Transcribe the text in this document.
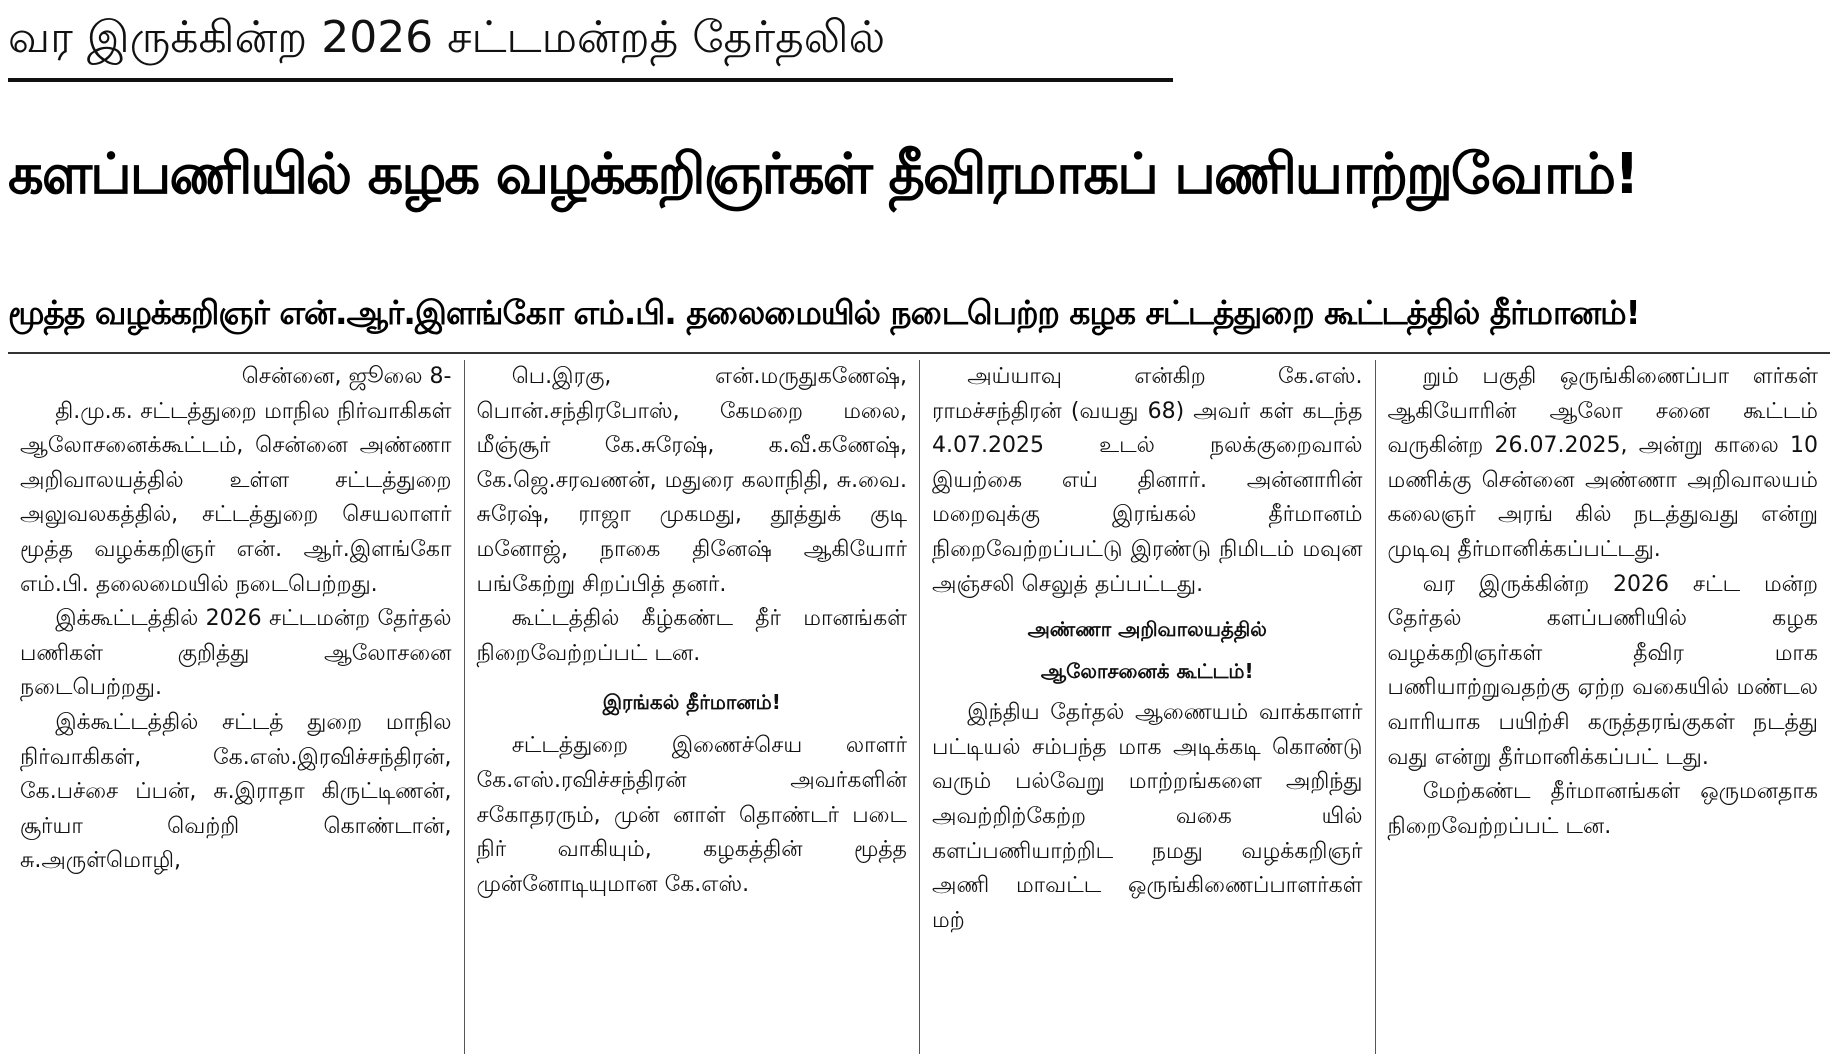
வர இருக்கின்ற 2026 சட்டமன்றத் தேர்தலில்
களப்பணியில் கழக வழக்கறிஞர்கள் தீவிரமாகப் பணியாற்றுவோம்!
மூத்த வழக்கறிஞர் என்.ஆர்.இளங்கோ எம்.பி. தலைமையில் நடைபெற்ற கழக சட்டத்துறை கூட்டத்தில் தீர்மானம்!

சென்னை, ஜூலை 8-

தி.மு.க. சட்டத்துறை மாநில நிர்வாகிகள் ஆலோசனைக்கூட்டம், சென்னை அண்ணா அறிவாலயத்தில் உள்ள சட்டத்துறை அலுவலகத்தில், சட்டத்துறை செயலாளர் மூத்த வழக்கறிஞர் என். ஆர்.இளங்கோ எம்.பி. தலைமையில் நடைபெற்றது.

இக்கூட்டத்தில் 2026 சட்டமன்ற தேர்தல் பணிகள் குறித்து ஆலோசனை நடைபெற்றது.

இக்கூட்டத்தில் சட்டத் துறை மாநில நிர்வாகிகள், கே.எஸ்.இரவிச்சந்திரன், கே.பச்சை ப்பன், சு.இராதா கிருட்டிணன், சூர்யா வெற்றி கொண்டான், சு.அருள்மொழி,

பெ.இரகு, என்.மருதுகணேஷ், பொன்.சந்திரபோஸ், கேமறை மலை, மீஞ்சூர் கே.சுரேஷ், க.வீ.கணேஷ், கே.ஜெ.சரவணன், மதுரை கலாநிதி, சு.வை. சுரேஷ், ராஜா முகமது, தூத்துக் குடி மனோஜ், நாகை தினேஷ் ஆகியோர் பங்கேற்று சிறப்பித் தனர்.

கூட்டத்தில் கீழ்கண்ட தீர் மானங்கள் நிறைவேற்றப்பட் டன.

இரங்கல் தீர்மானம்!

சட்டத்துறை இணைச்செய லாளர் கே.எஸ்.ரவிச்சந்திரன் அவர்களின் சகோதரரும், முன் னாள் தொண்டர் படை நிர் வாகியும், கழகத்தின் மூத்த முன்னோடியுமான கே.எஸ்.

அய்யாவு என்கிற கே.எஸ். ராமச்சந்திரன் (வயது 68) அவர் கள் கடந்த 4.07.2025 உடல் நலக்குறைவால் இயற்கை எய் தினார். அன்னாரின் மறைவுக்கு இரங்கல் தீர்மானம் நிறைவேற்றப்பட்டு இரண்டு நிமிடம் மவுன அஞ்சலி செலுத் தப்பட்டது.

அண்ணா அறிவாலயத்தில்
ஆலோசனைக் கூட்டம்!

இந்திய தேர்தல் ஆணையம் வாக்காளர் பட்டியல் சம்பந்த மாக அடிக்கடி கொண்டு வரும் பல்வேறு மாற்றங்களை அறிந்து அவற்றிற்கேற்ற வகை யில் களப்பணியாற்றிட நமது வழக்கறிஞர் அணி மாவட்ட ஒருங்கிணைப்பாளர்கள் மற்

றும் பகுதி ஒருங்கிணைப்பா ளர்கள் ஆகியோரின் ஆலோ சனை கூட்டம் வருகின்ற 26.07.2025, அன்று காலை 10 மணிக்கு சென்னை அண்ணா அறிவாலயம் கலைஞர் அரங் கில் நடத்துவது என்று முடிவு தீர்மானிக்கப்பட்டது.

வர இருக்கின்ற 2026 சட்ட மன்ற தேர்தல் களப்பணியில் கழக வழக்கறிஞர்கள் தீவிர மாக பணியாற்றுவதற்கு ஏற்ற வகையில் மண்டல வாரியாக பயிற்சி கருத்தரங்குகள் நடத்து வது என்று தீர்மானிக்கப்பட் டது.

மேற்கண்ட தீர்மானங்கள் ஒருமனதாக நிறைவேற்றப்பட் டன.
